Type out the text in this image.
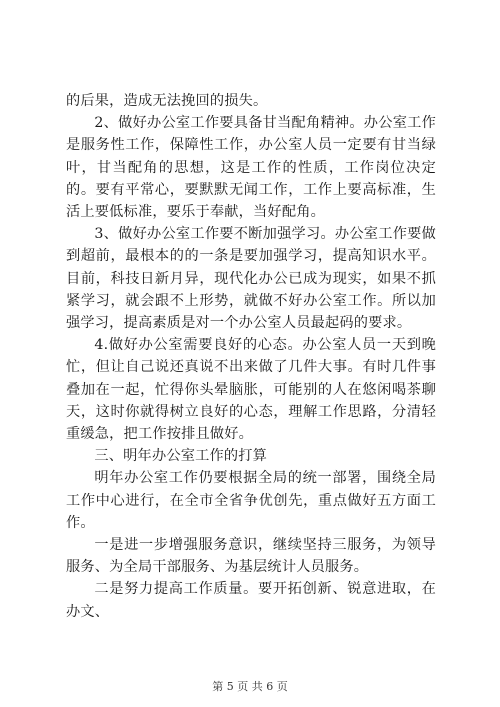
的后果，造成无法挽回的损失。

2、做好办公室工作要具备甘当配角精神。办公室工作是服务性工作，保障性工作，办公室人员一定要有甘当绿叶，甘当配角的思想，这是工作的性质，工作岗位决定的。要有平常心，要默默无闻工作，工作上要高标准，生活上要低标准，要乐于奉献，当好配角。

3、做好办公室工作要不断加强学习。办公室工作要做到超前，最根本的的一条是要加强学习，提高知识水平。目前，科技日新月异，现代化办公已成为现实，如果不抓紧学习，就会跟不上形势，就做不好办公室工作。所以加强学习，提高素质是对一个办公室人员最起码的要求。

4.做好办公室需要良好的心态。办公室人员一天到晚忙，但让自己说还真说不出来做了几件大事。有时几件事叠加在一起，忙得你头晕脑胀，可能别的人在悠闲喝茶聊天，这时你就得树立良好的心态，理解工作思路，分清轻重缓急，把工作按排且做好。

三、明年办公室工作的打算

明年办公室工作仍要根据全局的统一部署，围绕全局工作中心进行，在全市全省争优创先，重点做好五方面工作。

一是进一步增强服务意识，继续坚持三服务，为领导服务、为全局干部服务、为基层统计人员服务。

二是努力提高工作质量。要开拓创新、锐意进取，在办文、

第 5 页 共 6 页
